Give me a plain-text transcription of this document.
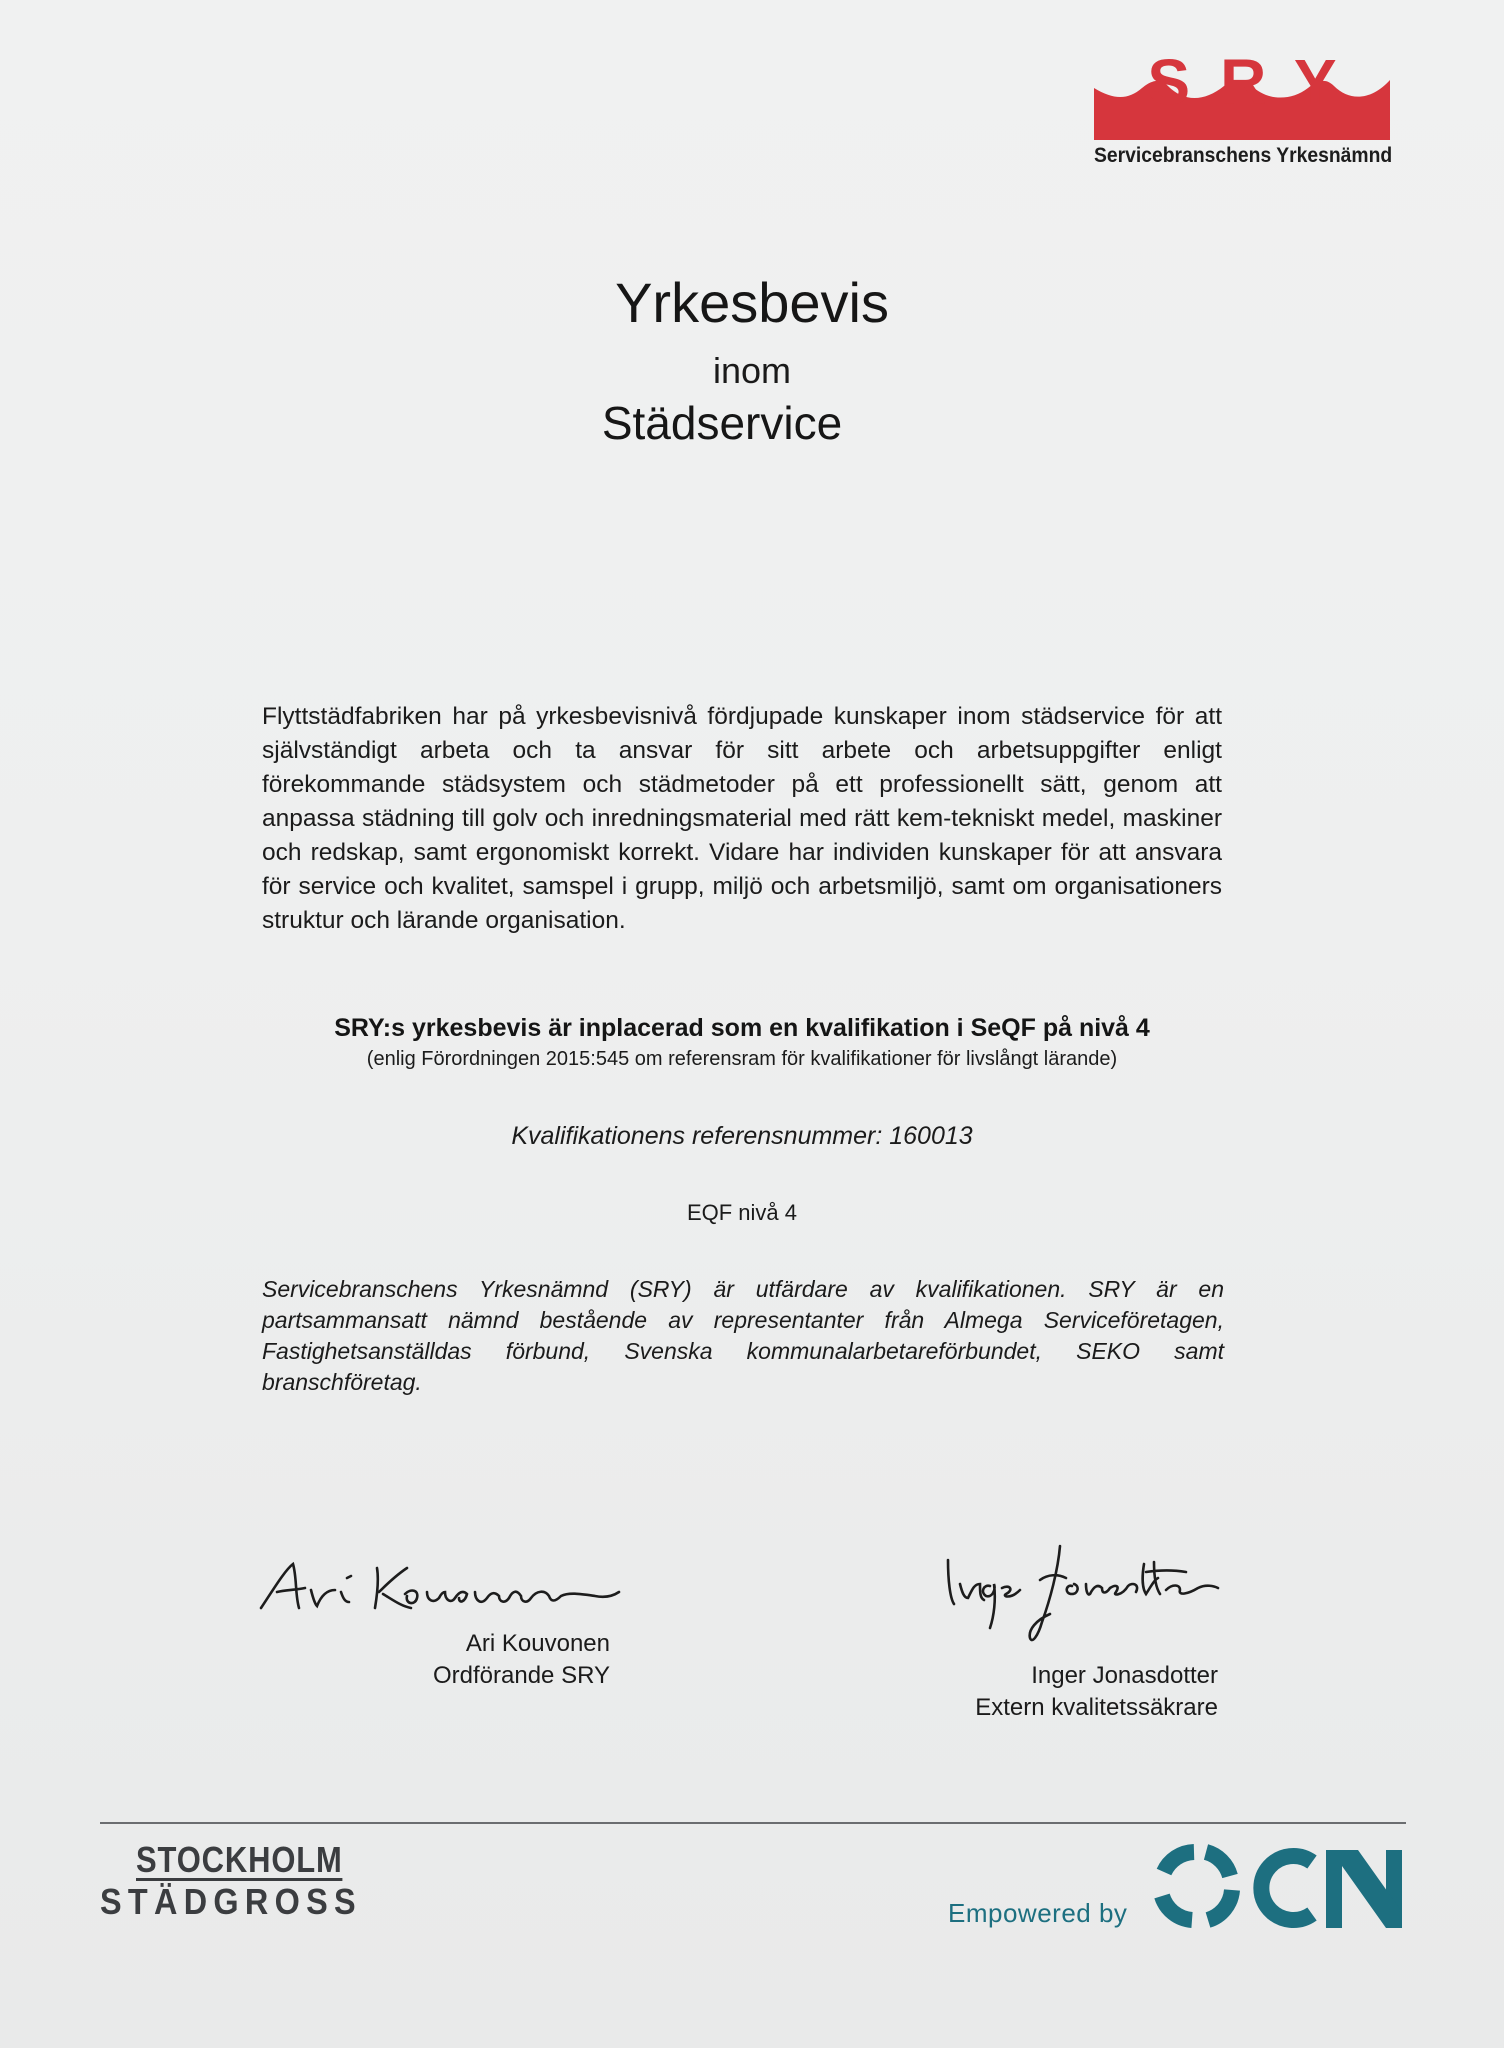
SRY
Servicebranschens Yrkesnämnd
Yrkesbevis
inom
Städservice

Flyttstädfabriken har på yrkesbevisnivå fördjupade kunskaper inom städservice för att självständigt arbeta och ta ansvar för sitt arbete och arbetsuppgifter enligt förekommande städsystem och städmetoder på ett professionellt sätt, genom att anpassa städning till golv och inredningsmaterial med rätt kem-tekniskt medel, maskiner och redskap, samt ergonomiskt korrekt. Vidare har individen kunskaper för att ansvara för service och kvalitet, samspel i grupp, miljö och arbetsmiljö, samt om organisationers struktur och lärande organisation.

SRY:s yrkesbevis är inplacerad som en kvalifikation i SeQF på nivå 4
(enlig Förordningen 2015:545 om referensram för kvalifikationer för livslångt lärande)
Kvalifikationens referensnummer: 160013
EQF nivå 4

Servicebranschens Yrkesnämnd (SRY) är utfärdare av kvalifikationen. SRY är en partsammansatt nämnd bestående av representanter från Almega Serviceföretagen, Fastighetsanställdas förbund, Svenska kommunalarbetareförbundet, SEKO samt branschföretag.

Ari Kouvonen
Ordförande SRY	Inger Jonasdotter
Extern kvalitetssäkrare
STOCKHOLM
STÄDGROSS	Empowered by
